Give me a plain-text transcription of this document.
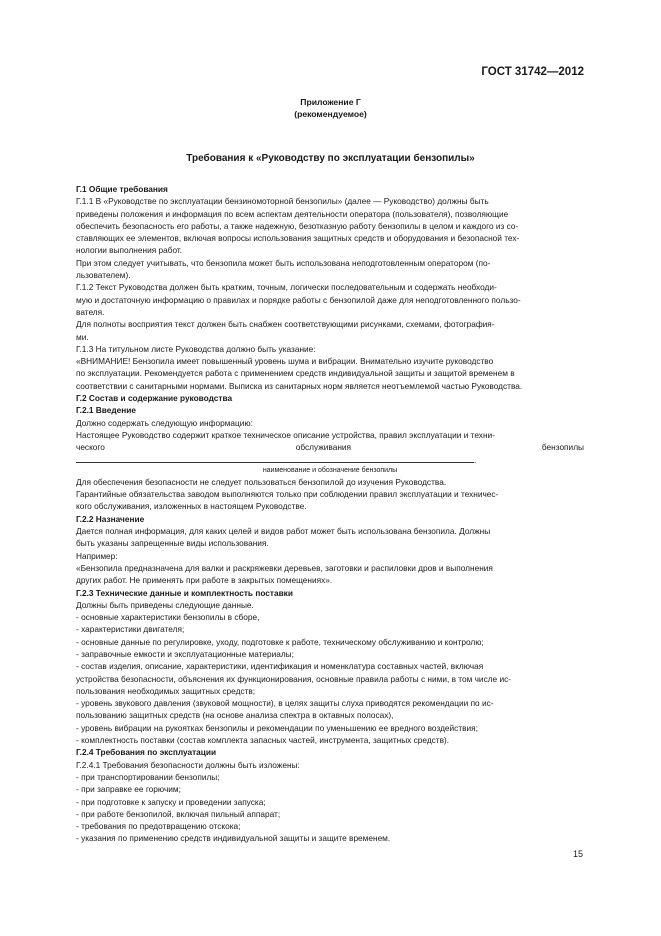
ГОСТ 31742—2012
Приложение Г
(рекомендуемое)
Требования к «Руководству по эксплуатации бензопилы»
Г.1 Общие требования
Г.1.1 В «Руководстве по эксплуатации бензиномоторной бензопилы» (далее — Руководство) должны быть
приведены положения и информация по всем аспектам деятельности оператора (пользователя), позволяющие
обеспечить безопасность его работы, а также надежную, безотказную работу бензопилы в целом и каждого из со-
ставляющих ее элементов, включая вопросы использования защитных средств и оборудования и безопасной тех-
нологии выполнения работ.
При этом следует учитывать, что бензопила может быть использована неподготовленным оператором (по-
льзователем).
Г.1.2 Текст Руководства должен быть кратким, точным, логически последовательным и содержать необходи-
мую и достаточную информацию о правилах и порядке работы с бензопилой даже для неподготовленного пользо-
вателя.
Для полноты восприятия текст должен быть снабжен соответствующими рисунками, схемами, фотография-
ми.
Г.1.3 На титульном листе Руководства должно быть указание:
«ВНИМАНИЕ! Бензопила имеет повышенный уровень шума и вибрации. Внимательно изучите руководство
по эксплуатации. Рекомендуется работа с применением средств индивидуальной защиты и защитой временем в
соответствии с санитарными нормами. Выписка из санитарных норм является неотъемлемой частью Руководства.
Г.2 Состав и содержание руководства
Г.2.1 Введение
Должно содержать следующую информацию:
Настоящее Руководство содержит краткое техническое описание устройства, правил эксплуатации и техни-
ческого обслуживания бензопилы .
наименование и обозначение бензопилы
Для обеспечения безопасности не следует пользоваться бензопилой до изучения Руководства.
Гарантийные обязательства заводом выполняются только при соблюдении правил эксплуатации и техничес-
кого обслуживания, изложенных в настоящем Руководстве.
Г.2.2 Назначение
Дается полная информация, для каких целей и видов работ может быть использована бензопила. Должны
быть указаны запрещенные виды использования.
Например:
«Бензопила предназначена для валки и раскряжевки деревьев, заготовки и распиловки дров и выполнения
других работ. Не применять при работе в закрытых помещениях».
Г.2.3 Технические данные и комплектность поставки
Должны быть приведены следующие данные.
- основные характеристики бензопилы в сборе,
- характеристики двигателя;
- основные данные по регулировке, уходу, подготовке к работе, техническому обслуживанию и контролю;
- заправочные емкости и эксплуатационные материалы;
- состав изделия, описание, характеристики, идентификация и номенклатура составных частей, включая
устройства безопасности, объяснения их функционирования, основные правила работы с ними, в том числе ис-
пользования необходимых защитных средств;
- уровень звукового давления (звуковой мощности), в целях защиты слуха приводятся рекомендации по ис-
пользованию защитных средств (на основе анализа спектра в октавных полосах),
- уровень вибрации на рукоятках бензопилы и рекомендации по уменьшению ее вредного воздействия;
- комплектность поставки (состав комплекта запасных частей, инструмента, защитных средств).
Г.2.4 Требования по эксплуатации
Г.2.4.1 Требования безопасности должны быть изложены:
- при транспортировании бензопилы;
- при заправке ее горючим;
- при подготовке к запуску и проведении запуска;
- при работе бензопилой, включая пильный аппарат;
- требования по предотвращению отскока;
- указания по применению средств индивидуальной защиты и защите временем.
15
